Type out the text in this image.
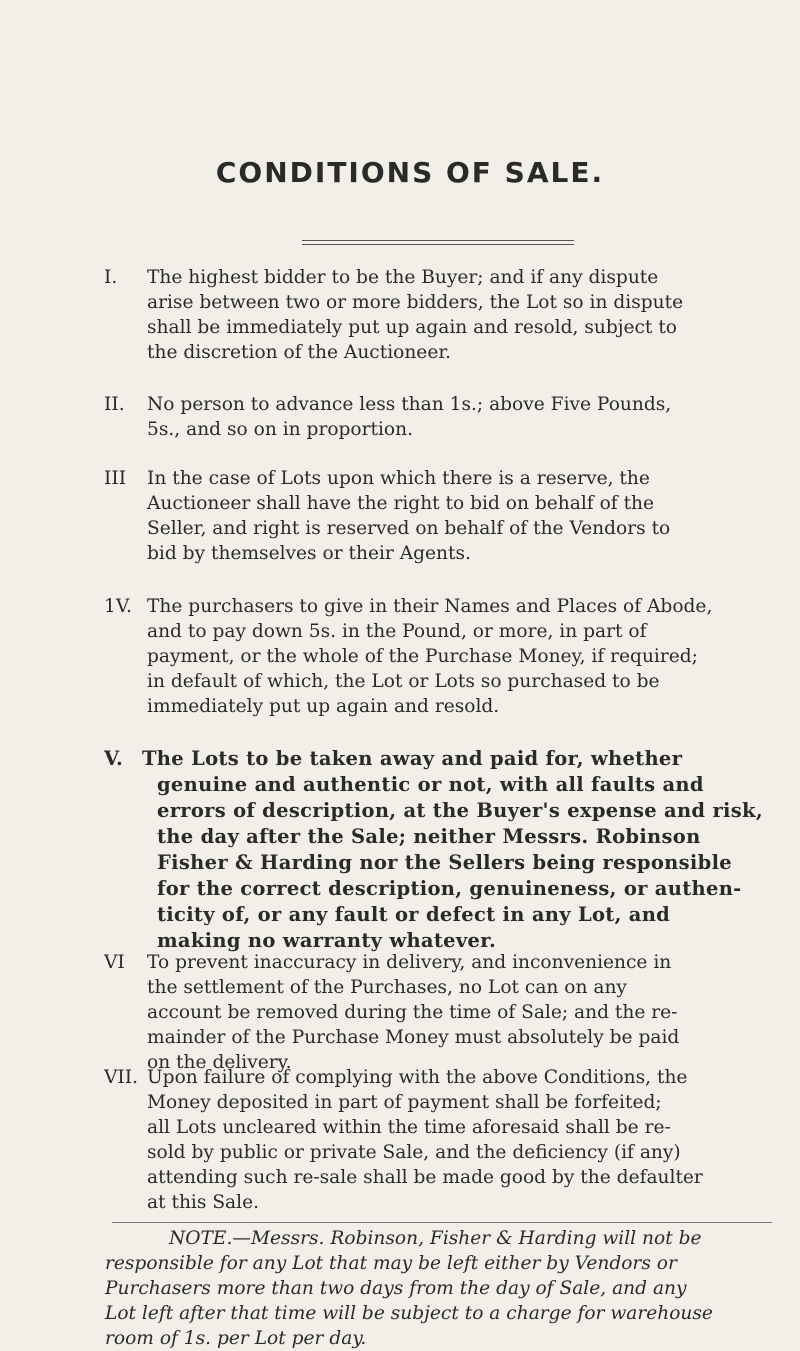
CONDITIONS OF SALE.
I. The highest bidder to be the Buyer; and if any dispute
arise between two or more bidders, the Lot so in dispute
shall be immediately put up again and resold, subject to
the discretion of the Auctioneer.
II. No person to advance less than 1s.; above Five Pounds,
5s., and so on in proportion.
III In the case of Lots upon which there is a reserve, the
Auctioneer shall have the right to bid on behalf of the
Seller, and right is reserved on behalf of the Vendors to
bid by themselves or their Agents.
1V. The purchasers to give in their Names and Places of Abode,
and to pay down 5s. in the Pound, or more, in part of
payment, or the whole of the Purchase Money, if required;
in default of which, the Lot or Lots so purchased to be
immediately put up again and resold.
V. The Lots to be taken away and paid for, whether
genuine and authentic or not, with all faults and
errors of description, at the Buyer's expense and risk,
the day after the Sale; neither Messrs. Robinson
Fisher & Harding nor the Sellers being responsible
for the correct description, genuineness, or authen-
ticity of, or any fault or defect in any Lot, and
making no warranty whatever.
VI To prevent inaccuracy in delivery, and inconvenience in
the settlement of the Purchases, no Lot can on any
account be removed during the time of Sale; and the re-
mainder of the Purchase Money must absolutely be paid
on the delivery.
VII. Upon failure of complying with the above Conditions, the
Money deposited in part of payment shall be forfeited;
all Lots uncleared within the time aforesaid shall be re-
sold by public or private Sale, and the deficiency (if any)
attending such re-sale shall be made good by the defaulter
at this Sale.
NOTE.—Messrs. Robinson, Fisher & Harding will not be
responsible for any Lot that may be left either by Vendors or
Purchasers more than two days from the day of Sale, and any
Lot left after that time will be subject to a charge for warehouse
room of 1s. per Lot per day.
